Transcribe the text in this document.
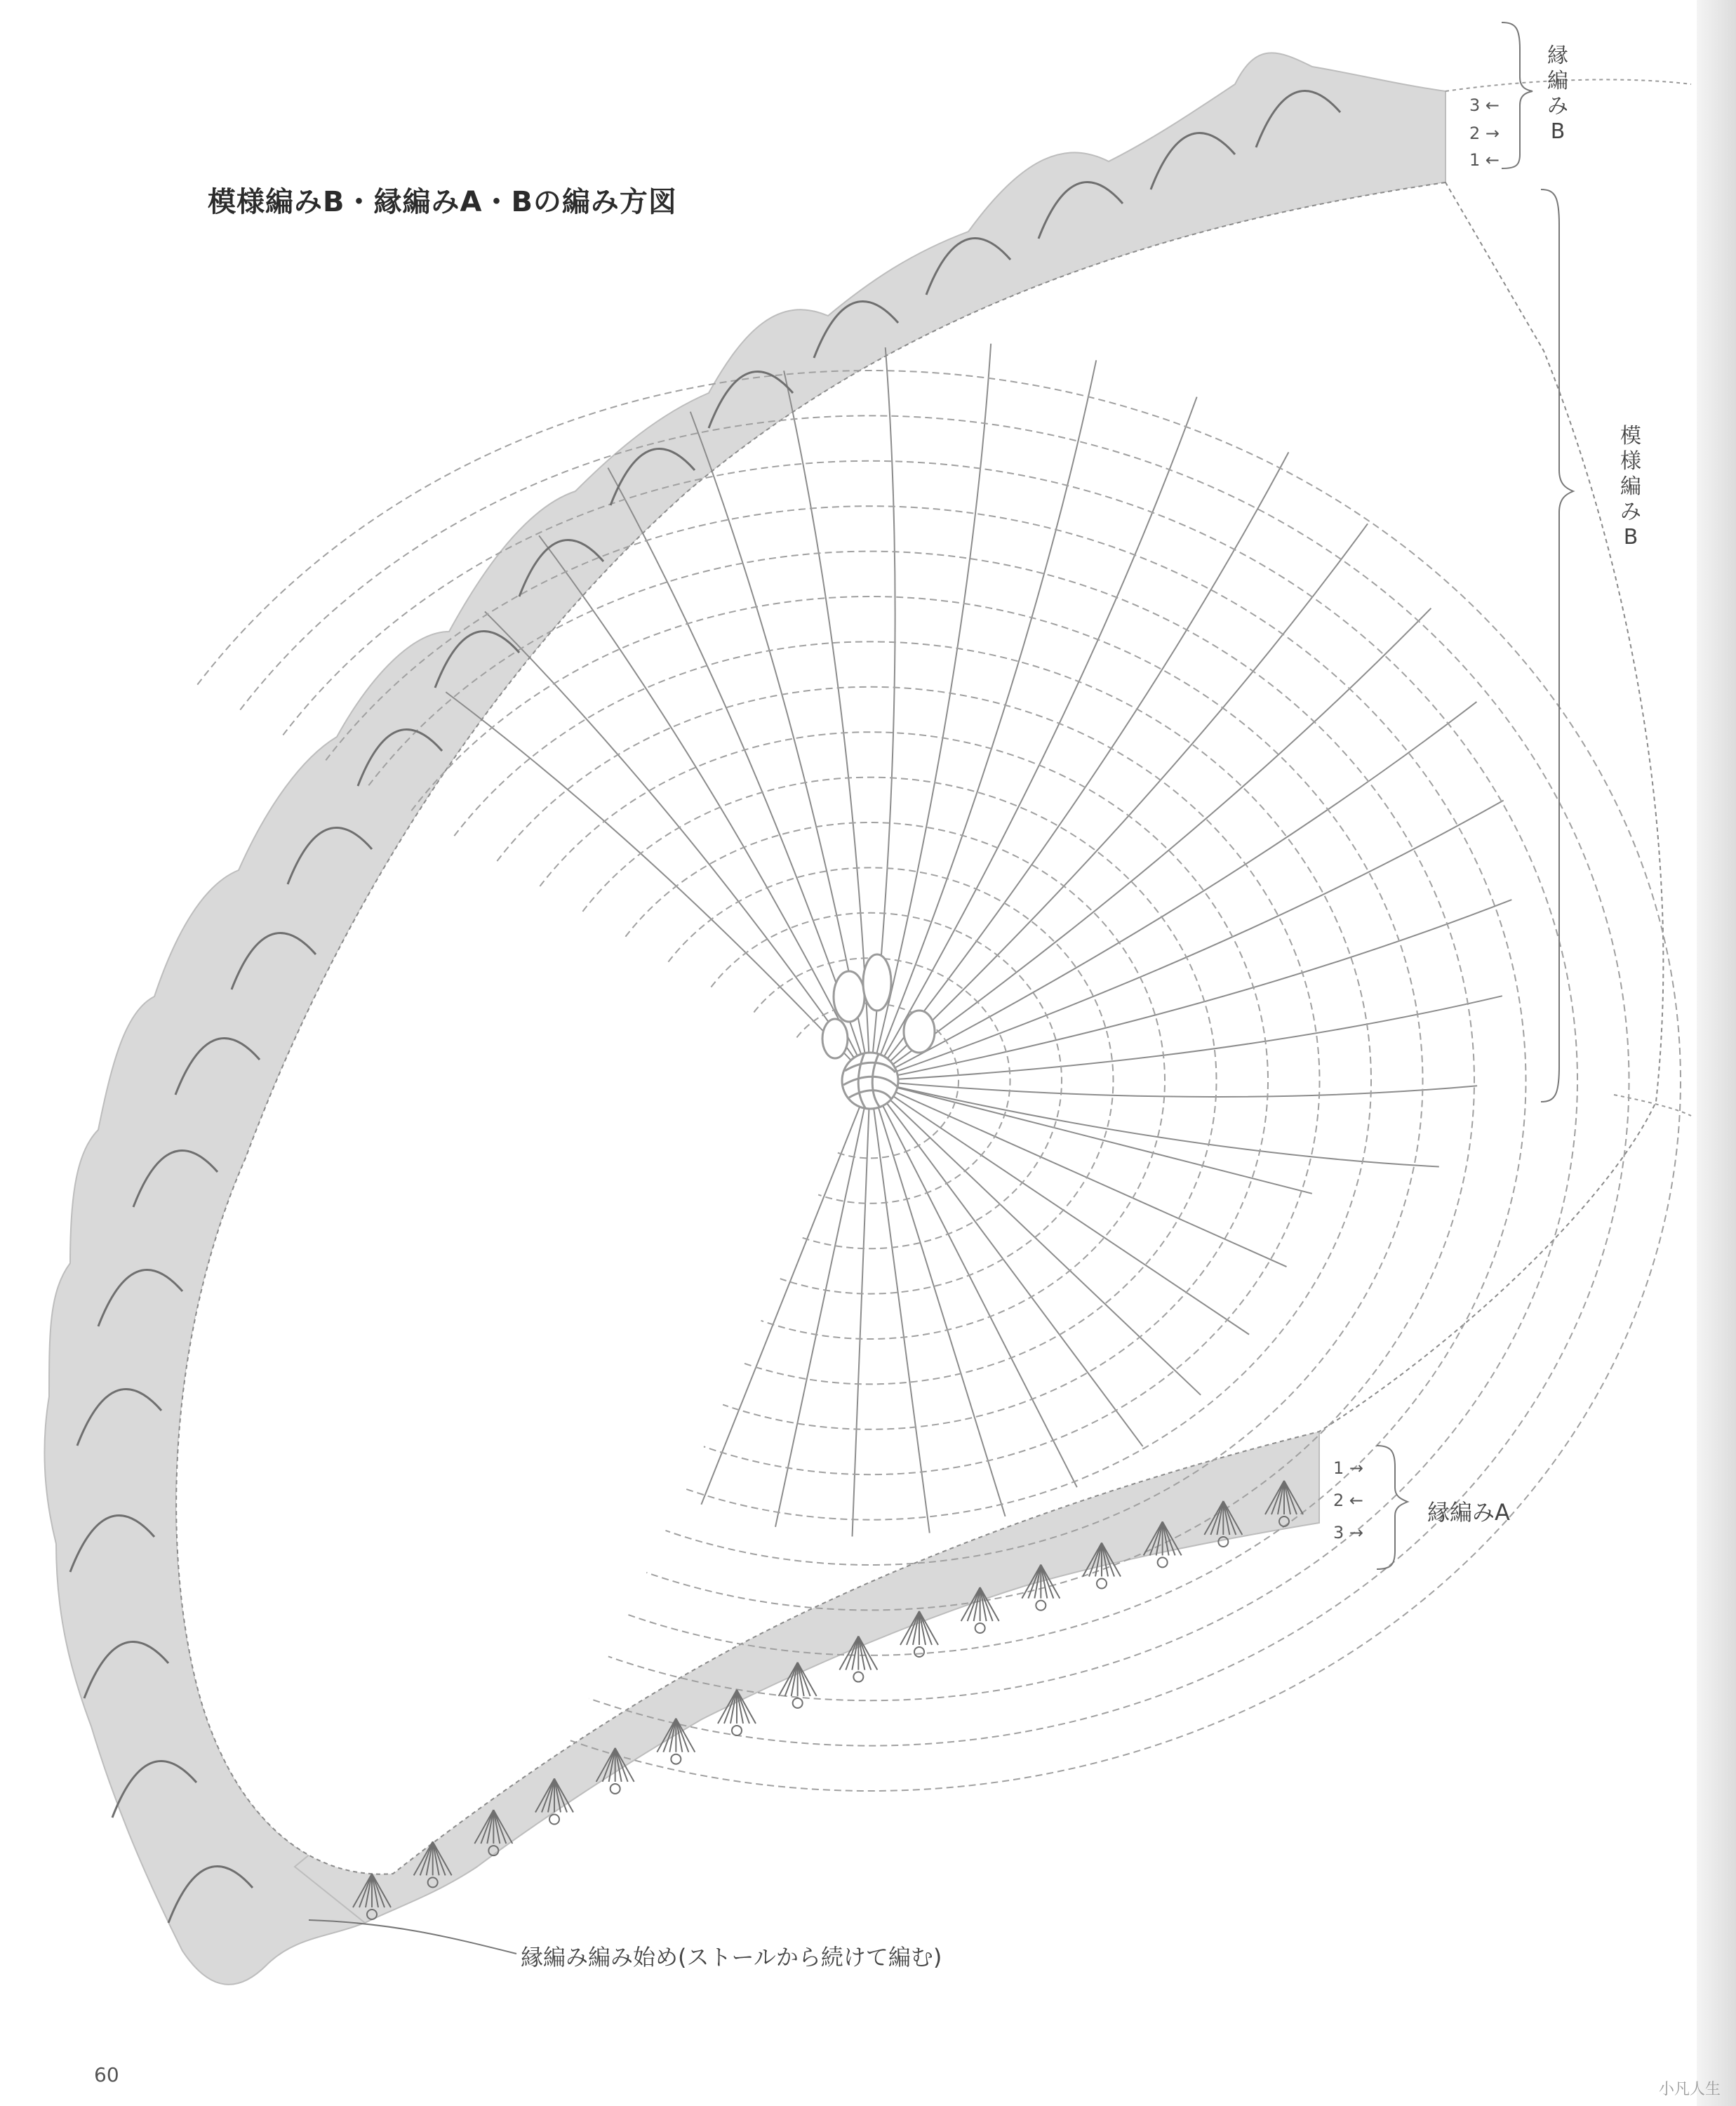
模様編みB・縁編みA・Bの編み方図
縁編みB
3 ←
2 →
1 ←
模様編みB
1 →
2 ←
3 →
縁編みA
縁編み編み始め(ストールから続けて編む)
60
小凡人生
